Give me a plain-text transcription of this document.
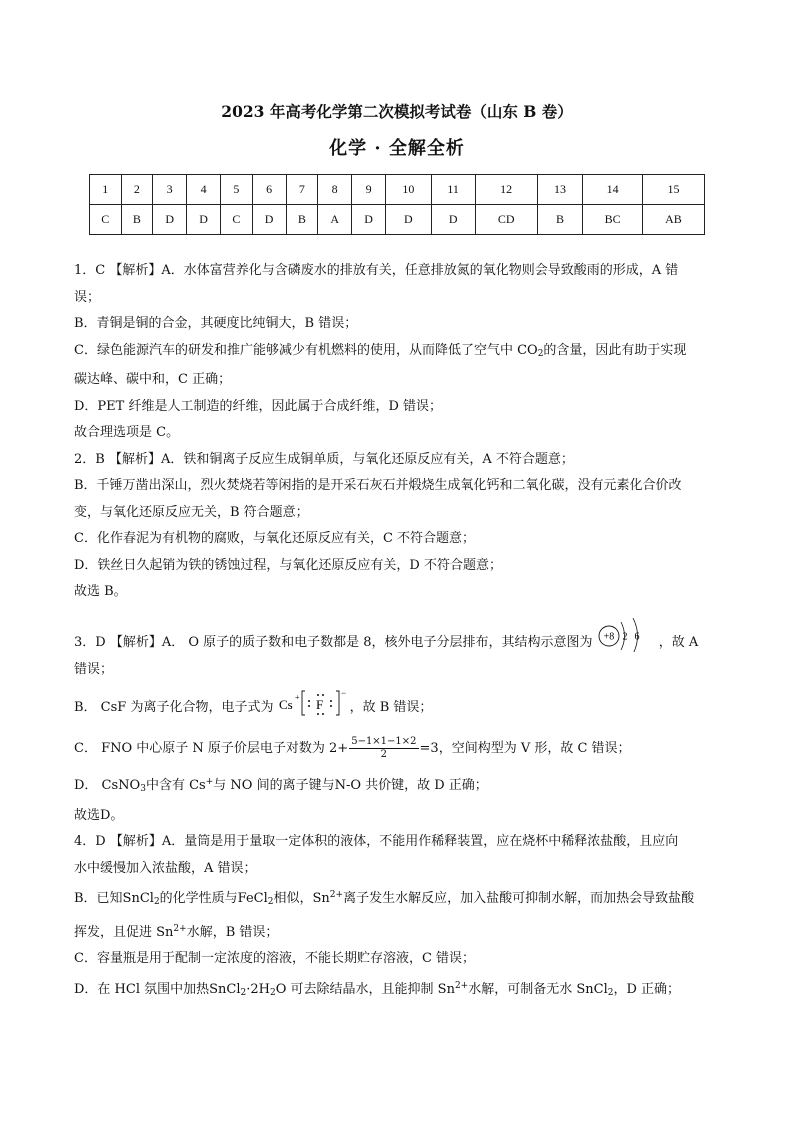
2023 年高考化学第二次模拟考试卷（山东 B 卷）
化学 · 全解全析
1	2	3	4	5	6	7	8	9	10	11	12	13	14	15
C	B	D	D	C	D	B	A	D	D	D	CD	B	BC	AB

1．C 【解析】A．水体富营养化与含磷废水的排放有关，任意排放氮的氧化物则会导致酸雨的形成，A 错

误；

B．青铜是铜的合金，其硬度比纯铜大，B 错误；

C．绿色能源汽车的研发和推广能够减少有机燃料的使用，从而降低了空气中 $CO_2$的含量，因此有助于实现

碳达峰、碳中和，C 正确；

D．PET 纤维是人工制造的纤维，因此属于合成纤维，D 错误；

故合理选项是 C。

2．B 【解析】A．铁和铜离子反应生成铜单质，与氧化还原反应有关，A 不符合题意；

B．千锤万凿出深山，烈火焚烧若等闲指的是开采石灰石并煅烧生成氧化钙和二氧化碳，没有元素化合价改

变，与氧化还原反应无关，B 符合题意；

C．化作春泥为有机物的腐败，与氧化还原反应有关，C 不符合题意；

D．铁丝日久起销为铁的锈蚀过程，与氧化还原反应有关，D 不符合题意；

故选 B。

3．D 【解析】A． O 原子的质子数和电子数都是 8，核外电子分层排布，其结构示意图为 +8 2 6 ，故 A

错误；

B． CsF 为离子化合物，电子式为 Cs + F
−
，故 B 错误；

C． FNO 中心原子 N 原子价层电子对数为 $2+ \frac{5-1\times 1-1\times 2}{2} =3$，空间构型为 V 形，故 C 错误；

D． CsNO$_3$中含有 Cs+与 NO 间的离子键与N-O 共价键，故 D 正确；

故选D。

4．D 【解析】A．量筒是用于量取一定体积的液体，不能用作稀释装置，应在烧杯中稀释浓盐酸，且应向

水中缓慢加入浓盐酸，A 错误；

B．已知SnCl$_2$的化学性质与FeCl$_2$相似，$Sn^{2+}$离子发生水解反应，加入盐酸可抑制水解，而加热会导致盐酸

挥发，且促进 $Sn^{2+}$水解，B 错误；

C．容量瓶是用于配制一定浓度的溶液，不能长期贮存溶液，C 错误；

D．在 HCl 氛围中加热$SnCl_2\cdot 2H_2O$ 可去除结晶水，且能抑制 $Sn^{2+}$水解，可制备无水 SnCl$_2$，D 正确；
